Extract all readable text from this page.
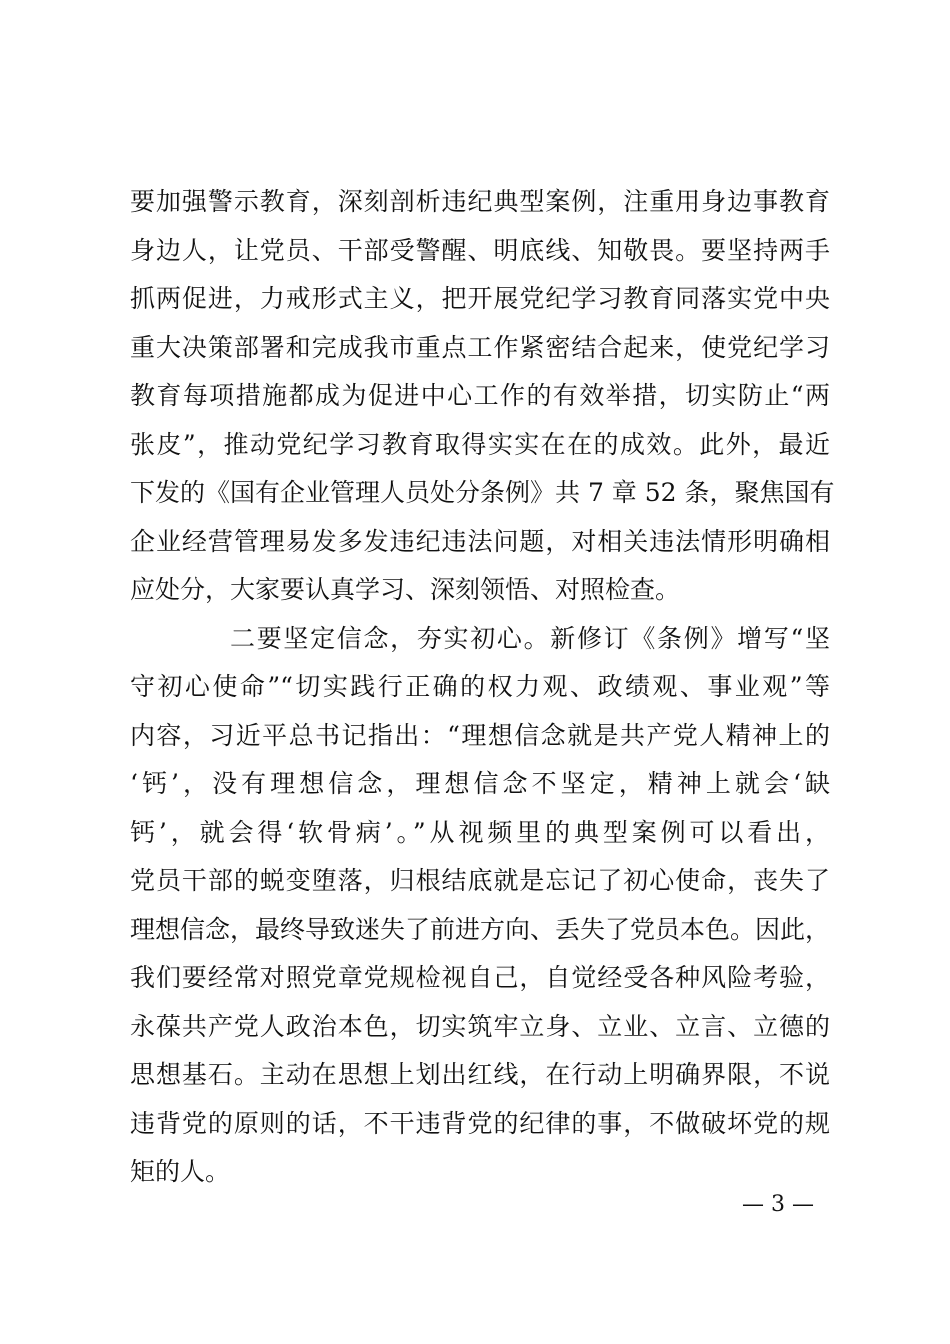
要加强警示教育，深刻剖析违纪典型案例，注重用身边事教育
身边人，让党员、干部受警醒、明底线、知敬畏。要坚持两手
抓两促进，力戒形式主义，把开展党纪学习教育同落实党中央
重大决策部署和完成我市重点工作紧密结合起来，使党纪学习
教育每项措施都成为促进中心工作的有效举措，切实防止“两
张皮”，推动党纪学习教育取得实实在在的成效。此外，最近
下发的《国有企业管理人员处分条例》共 7 章 52 条，聚焦国有
企业经营管理易发多发违纪违法问题，对相关违法情形明确相
应处分，大家要认真学习、深刻领悟、对照检查。
二要坚定信念，夯实初心。新修订《条例》增写“坚
守初心使命”“切实践行正确的权力观、政绩观、事业观”等
内容，习近平总书记指出：“理想信念就是共产党人精神上的
‘钙’，没有理想信念，理想信念不坚定，精神上就会‘缺
钙’，就会得‘软骨病’。”从视频里的典型案例可以看出，
党员干部的蜕变堕落，归根结底就是忘记了初心使命，丧失了
理想信念，最终导致迷失了前进方向、丢失了党员本色。因此，
我们要经常对照党章党规检视自己，自觉经受各种风险考验，
永葆共产党人政治本色，切实筑牢立身、立业、立言、立德的
思想基石。主动在思想上划出红线，在行动上明确界限，不说
违背党的原则的话，不干违背党的纪律的事，不做破坏党的规
矩的人。
— 3 —
